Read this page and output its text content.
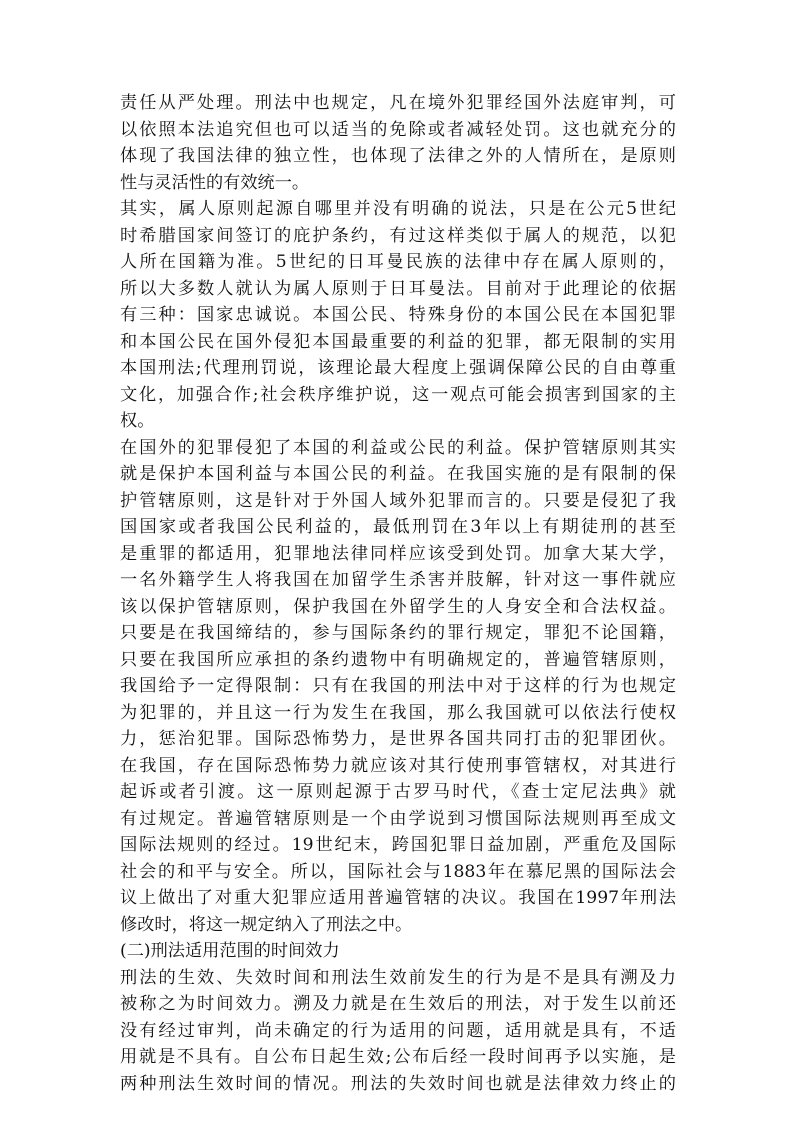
责任从严处理。刑法中也规定，凡在境外犯罪经国外法庭审判，可
以依照本法追究但也可以适当的免除或者减轻处罚。这也就充分的
体现了我国法律的独立性，也体现了法律之外的人情所在，是原则
性与灵活性的有效统一。
其实，属人原则起源自哪里并没有明确的说法，只是在公元5世纪
时希腊国家间签订的庇护条约，有过这样类似于属人的规范，以犯
人所在国籍为准。5世纪的日耳曼民族的法律中存在属人原则的，
所以大多数人就认为属人原则于日耳曼法。目前对于此理论的依据
有三种：国家忠诚说。本国公民、特殊身份的本国公民在本国犯罪
和本国公民在国外侵犯本国最重要的利益的犯罪，都无限制的实用
本国刑法;代理刑罚说，该理论最大程度上强调保障公民的自由尊重
文化，加强合作;社会秩序维护说，这一观点可能会损害到国家的主
权。
在国外的犯罪侵犯了本国的利益或公民的利益。保护管辖原则其实
就是保护本国利益与本国公民的利益。在我国实施的是有限制的保
护管辖原则，这是针对于外国人域外犯罪而言的。只要是侵犯了我
国国家或者我国公民利益的，最低刑罚在3年以上有期徒刑的甚至
是重罪的都适用，犯罪地法律同样应该受到处罚。加拿大某大学，
一名外籍学生人将我国在加留学生杀害并肢解，针对这一事件就应
该以保护管辖原则，保护我国在外留学生的人身安全和合法权益。
只要是在我国缔结的，参与国际条约的罪行规定，罪犯不论国籍，
只要在我国所应承担的条约遗物中有明确规定的，普遍管辖原则，
我国给予一定得限制：只有在我国的刑法中对于这样的行为也规定
为犯罪的，并且这一行为发生在我国，那么我国就可以依法行使权
力，惩治犯罪。国际恐怖势力，是世界各国共同打击的犯罪团伙。
在我国，存在国际恐怖势力就应该对其行使刑事管辖权，对其进行
起诉或者引渡。这一原则起源于古罗马时代，《查士定尼法典》就
有过规定。普遍管辖原则是一个由学说到习惯国际法规则再至成文
国际法规则的经过。19世纪末，跨国犯罪日益加剧，严重危及国际
社会的和平与安全。所以，国际社会与1883年在慕尼黑的国际法会
议上做出了对重大犯罪应适用普遍管辖的决议。我国在1997年刑法
修改时，将这一规定纳入了刑法之中。
(二)刑法适用范围的时间效力
刑法的生效、失效时间和刑法生效前发生的行为是不是具有溯及力
被称之为时间效力。溯及力就是在生效后的刑法，对于发生以前还
没有经过审判，尚未确定的行为适用的问题，适用就是具有，不适
用就是不具有。自公布日起生效;公布后经一段时间再予以实施，是
两种刑法生效时间的情况。刑法的失效时间也就是法律效力终止的
